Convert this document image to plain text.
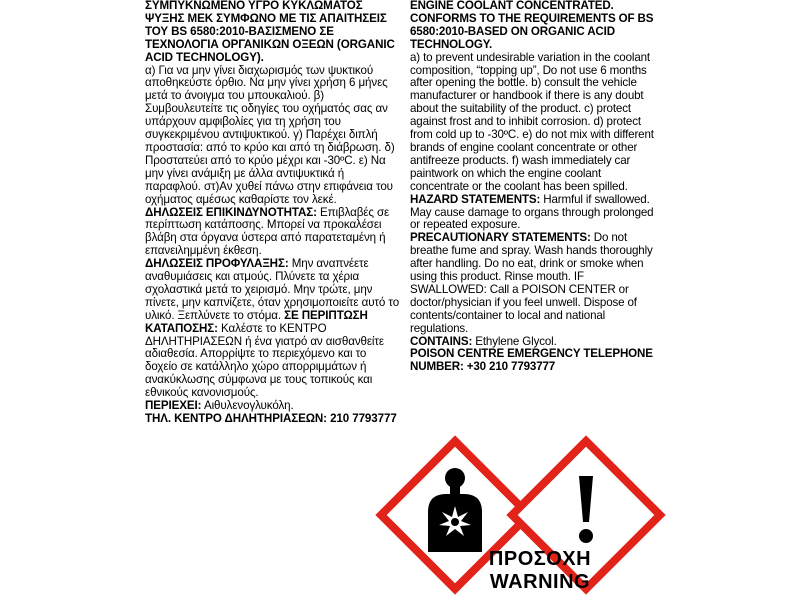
ΣΥΜΠΥΚΝΩΜΕΝΟ ΥΓΡΟ ΚΥΚΛΩΜΑΤΟΣ ΨΥΞΗΣ ΜΕΚ ΣΥΜΦΩΝΟ ΜΕ ΤΙΣ ΑΠΑΙΤΗΣΕΙΣ ΤΟΥ BS 6580:2010-ΒΑΣΙΣΜΕΝΟ ΣΕ ΤΕΧΝΟΛΟΓΙΑ ΟΡΓΑΝΙΚΩΝ ΟΞΕΩΝ (ORGANIC ACID TECHNOLOGY).

α) Για να μην γίνει διαχωρισμός των ψυκτικού αποθηκεύστε όρθιο. Να μην γίνει χρήση 6 μήνες μετά το άνοιγμα του μπουκαλιού. β) Συμβουλευτείτε τις οδηγίες του οχήματός σας αν υπάρχουν αμφιβολίες για τη χρήση του συγκεκριμένου αντιψυκτικού. γ) Παρέχει διπλή προστασία: από το κρύο και από τη διάβρωση. δ) Προστατεύει από το κρύο μέχρι και -30ºC. ε) Να μην γίνει ανάμιξη με άλλα αντιψυκτικά ή παραφλού. στ)Αν χυθεί πάνω στην επιφάνεια του οχήματος αμέσως καθαρίστε τον λεκέ.

ΔΗΛΩΣΕΙΣ ΕΠΙΚΙΝΔΥΝΟΤΗΤΑΣ: Επιβλαβές σε περίπτωση κατάποσης. Μπορεί να προκαλέσει βλάβη στα όργανα ύστερα από παρατεταμένη ή επανειλημμένη έκθεση.

ΔΗΛΩΣΕΙΣ ΠΡΟΦΥΛΑΞΗΣ: Μην αναπνέετε αναθυμιάσεις και ατμούς. Πλύνετε τα χέρια σχολαστικά μετά το χειρισμό. Μην τρώτε, μην πίνετε, μην καπνίζετε, όταν χρησιμοποιείτε αυτό το υλικό. Ξεπλύνετε το στόμα. ΣΕ ΠΕΡΙΠΤΩΣΗ ΚΑΤΑΠΟΣΗΣ: Καλέστε το ΚΕΝΤΡΟ ΔΗΛΗΤΗΡΙΑΣΕΩΝ ή ένα γιατρό αν αισθανθείτε αδιαθεσία. Απορρίψτε το περιεχόμενο και το δοχείο σε κατάλληλο χώρο απορριμμάτων ή ανακύκλωσης σύμφωνα με τους τοπικούς και εθνικούς κανονισμούς.

ΠΕΡΙΕΧΕΙ: Αιθυλενογλυκόλη.

ΤΗΛ. ΚΕΝΤΡΟ ΔΗΛΗΤΗΡΙΑΣΕΩΝ: 210 7793777

ENGINE COOLANT CONCENTRATED. CONFORMS TO THE REQUIREMENTS OF BS 6580:2010-BASED ON ORGANIC ACID TECHNOLOGY.

a) to prevent undesirable variation in the coolant composition, “topping up”, Do not use 6 months after opening the bottle. b) consult the vehicle manufacturer or handbook if there is any doubt about the suitability of the product. c) protect against frost and to inhibit corrosion. d) protect from cold up to -30ºC. e) do not mix with different brands of engine coolant concentrate or other antifreeze products. f) wash immediately car paintwork on which the engine coolant concentrate or the coolant has been spilled.

HAZARD STATEMENTS: Harmful if swallowed. May cause damage to organs through prolonged or repeated exposure.

PRECAUTIONARY STATEMENTS: Do not breathe fume and spray. Wash hands thoroughly after handling. Do no eat, drink or smoke when using this product. Rinse mouth. IF SWALLOWED: Call a POISON CENTER or doctor/physician if you feel unwell. Dispose of contents/container to local and national regulations.

CONTAINS: Ethylene Glycol.

POISON CENTRE EMERGENCY TELEPHONE NUMBER: +30 210 7793777

ΠΡΟΣΟΧΗ
WARNING
